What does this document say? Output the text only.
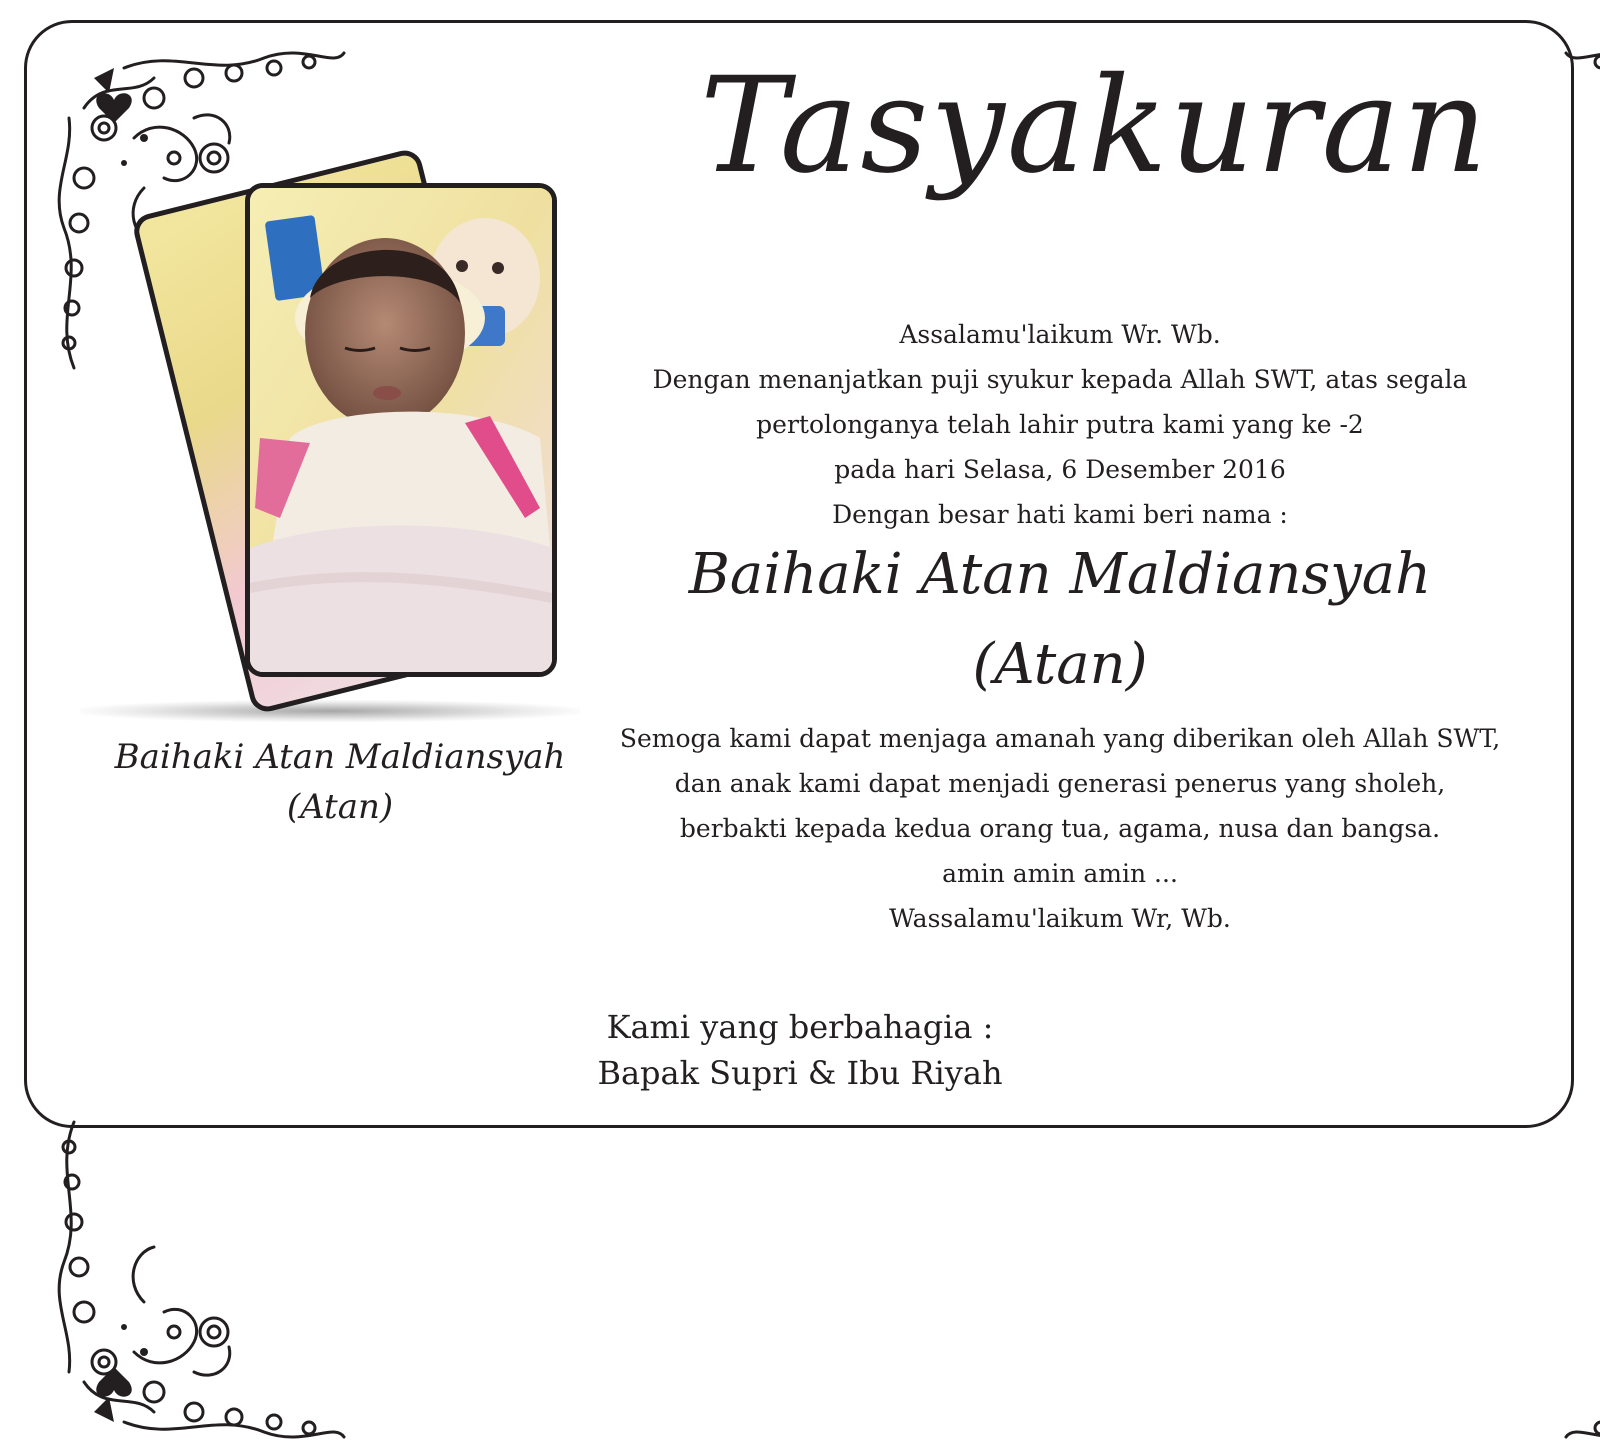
Baihaki Atan Maldiansyah
(Atan)
Tasyakuran
Assalamu'laikum Wr. Wb.
Dengan menanjatkan puji syukur kepada Allah SWT, atas segala
pertolonganya telah lahir putra kami yang ke -2
pada hari Selasa, 6 Desember 2016
Dengan besar hati kami beri nama :
Baihaki Atan Maldiansyah
(Atan)
Semoga kami dapat menjaga amanah yang diberikan oleh Allah SWT,
dan anak kami dapat menjadi generasi penerus yang sholeh,
berbakti kepada kedua orang tua, agama, nusa dan bangsa.
amin amin amin ...
Wassalamu'laikum Wr, Wb.
Kami yang berbahagia :
Bapak Supri & Ibu Riyah
